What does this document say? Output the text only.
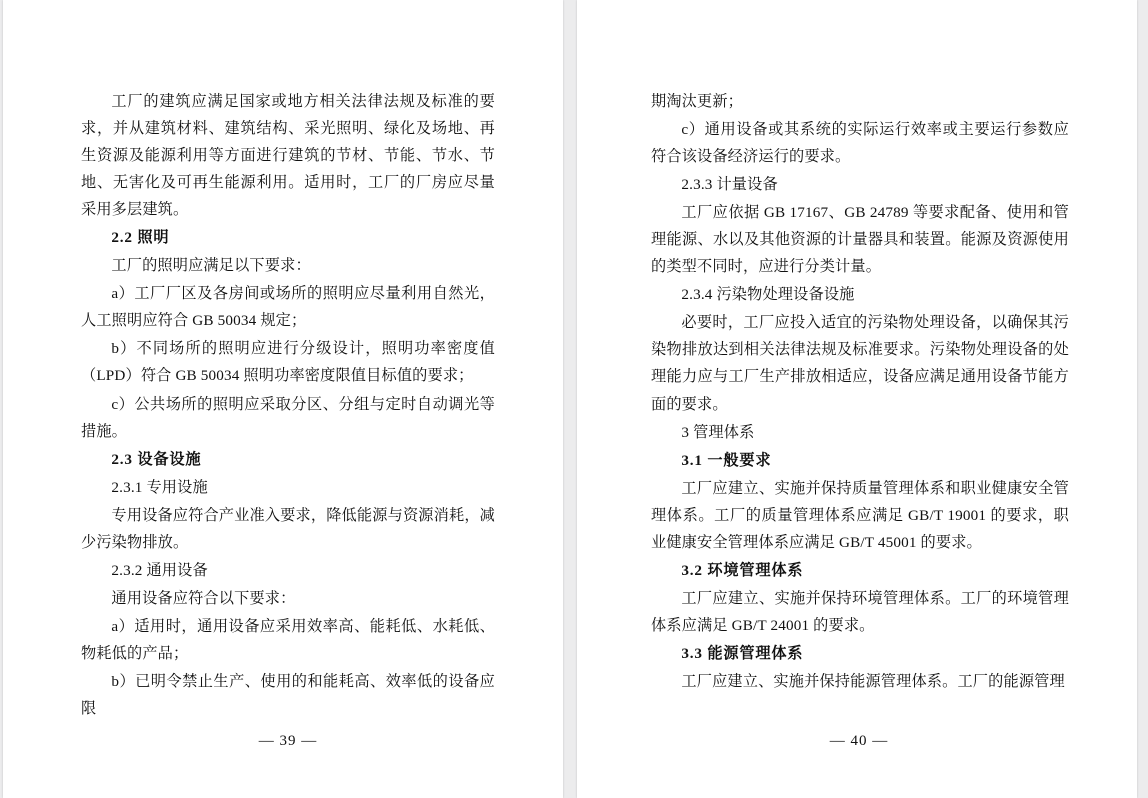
工厂的建筑应满足国家或地方相关法律法规及标准的要求，并从建筑材料、建筑结构、采光照明、绿化及场地、再生资源及能源利用等方面进行建筑的节材、节能、节水、节地、无害化及可再生能源利用。适用时，工厂的厂房应尽量采用多层建筑。

2.2 照明

工厂的照明应满足以下要求：

a）工厂厂区及各房间或场所的照明应尽量利用自然光，人工照明应符合 GB 50034 规定；

b）不同场所的照明应进行分级设计，照明功率密度值（LPD）符合 GB 50034 照明功率密度限值目标值的要求；

c）公共场所的照明应采取分区、分组与定时自动调光等措施。

2.3 设备设施

2.3.1 专用设施

专用设备应符合产业准入要求，降低能源与资源消耗，减少污染物排放。

2.3.2 通用设备

通用设备应符合以下要求：

a）适用时，通用设备应采用效率高、能耗低、水耗低、物耗低的产品；

b）已明令禁止生产、使用的和能耗高、效率低的设备应限

— 39 —

期淘汰更新；

c）通用设备或其系统的实际运行效率或主要运行参数应符合该设备经济运行的要求。

2.3.3 计量设备

工厂应依据 GB 17167、GB 24789 等要求配备、使用和管理能源、水以及其他资源的计量器具和装置。能源及资源使用的类型不同时，应进行分类计量。

2.3.4 污染物处理设备设施

必要时，工厂应投入适宜的污染物处理设备，以确保其污染物排放达到相关法律法规及标准要求。污染物处理设备的处理能力应与工厂生产排放相适应，设备应满足通用设备节能方面的要求。

3 管理体系

3.1 一般要求

工厂应建立、实施并保持质量管理体系和职业健康安全管理体系。工厂的质量管理体系应满足 GB/T 19001 的要求，职业健康安全管理体系应满足 GB/T 45001 的要求。

3.2 环境管理体系

工厂应建立、实施并保持环境管理体系。工厂的环境管理体系应满足 GB/T 24001 的要求。

3.3 能源管理体系

工厂应建立、实施并保持能源管理体系。工厂的能源管理

— 40 —
